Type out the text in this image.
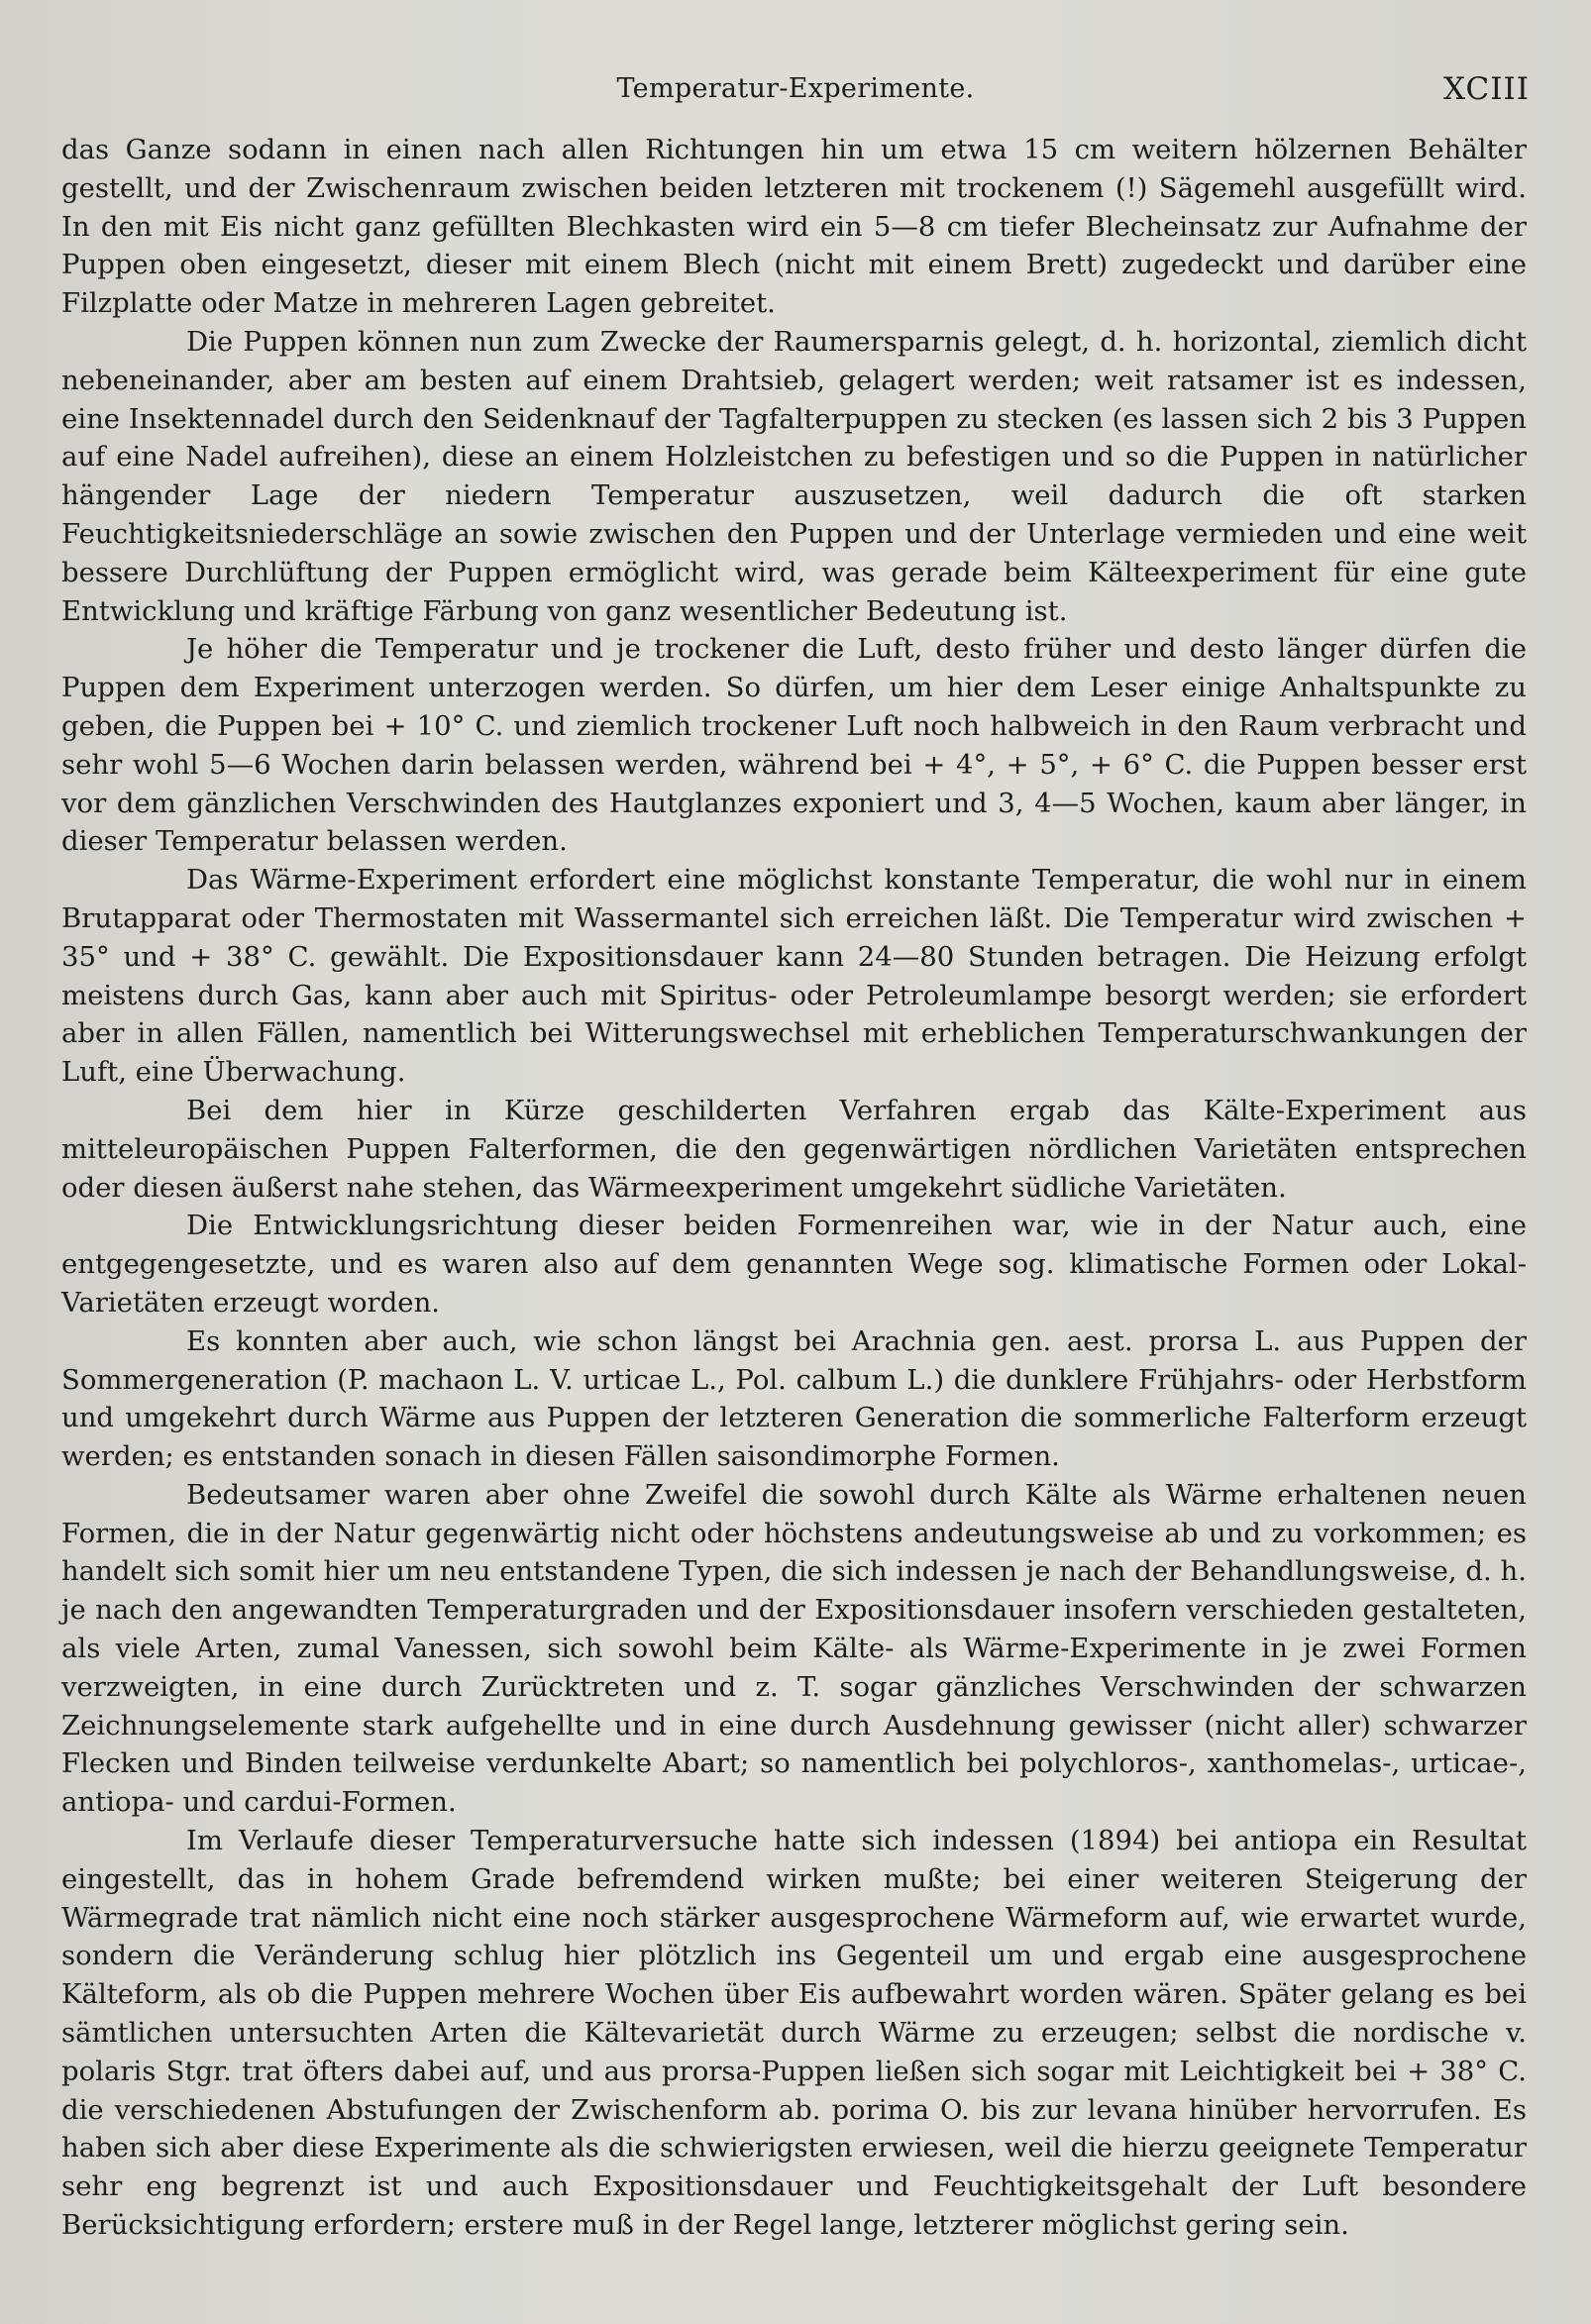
Temperatur-Experimente.	XCIII

das Ganze sodann in einen nach allen Richtungen hin um etwa 15 cm weitern hölzernen Behälter gestellt, und der Zwischenraum zwischen beiden letzteren mit trockenem (!) Sägemehl ausgefüllt wird. In den mit Eis nicht ganz gefüllten Blechkasten wird ein 5—8 cm tiefer Blecheinsatz zur Aufnahme der Puppen oben eingesetzt, dieser mit einem Blech (nicht mit einem Brett) zugedeckt und darüber eine Filzplatte oder Matze in mehreren Lagen gebreitet.

Die Puppen können nun zum Zwecke der Raumersparnis gelegt, d. h. horizontal, ziemlich dicht nebeneinander, aber am besten auf einem Drahtsieb, gelagert werden; weit ratsamer ist es indessen, eine Insektennadel durch den Seidenknauf der Tagfalterpuppen zu stecken (es lassen sich 2 bis 3 Puppen auf eine Nadel aufreihen), diese an einem Holzleistchen zu befestigen und so die Puppen in natürlicher hängender Lage der niedern Temperatur auszusetzen, weil dadurch die oft starken Feuchtigkeitsniederschläge an sowie zwischen den Puppen und der Unterlage vermieden und eine weit bessere Durchlüftung der Puppen ermöglicht wird, was gerade beim Kälteexperiment für eine gute Entwicklung und kräftige Färbung von ganz wesentlicher Bedeutung ist.

Je höher die Temperatur und je trockener die Luft, desto früher und desto länger dürfen die Puppen dem Experiment unterzogen werden. So dürfen, um hier dem Leser einige Anhaltspunkte zu geben, die Puppen bei + 10° C. und ziemlich trockener Luft noch halbweich in den Raum verbracht und sehr wohl 5—6 Wochen darin belassen werden, während bei + 4°, + 5°, + 6° C. die Puppen besser erst vor dem gänzlichen Verschwinden des Hautglanzes exponiert und 3, 4—5 Wochen, kaum aber länger, in dieser Temperatur belassen werden.

Das Wärme-Experiment erfordert eine möglichst konstante Temperatur, die wohl nur in einem Brutapparat oder Thermostaten mit Wassermantel sich erreichen läßt. Die Temperatur wird zwischen + 35° und + 38° C. gewählt. Die Expositionsdauer kann 24—80 Stunden betragen. Die Heizung erfolgt meistens durch Gas, kann aber auch mit Spiritus- oder Petroleumlampe besorgt werden; sie erfordert aber in allen Fällen, namentlich bei Witterungswechsel mit erheblichen Temperaturschwankungen der Luft, eine Überwachung.

Bei dem hier in Kürze geschilderten Verfahren ergab das Kälte-Experiment aus mitteleuropäischen Puppen Falterformen, die den gegenwärtigen nördlichen Varietäten entsprechen oder diesen äußerst nahe stehen, das Wärmeexperiment umgekehrt südliche Varietäten.

Die Entwicklungsrichtung dieser beiden Formenreihen war, wie in der Natur auch, eine entgegengesetzte, und es waren also auf dem genannten Wege sog. klimatische Formen oder Lokal-Varietäten erzeugt worden.

Es konnten aber auch, wie schon längst bei Arachnia gen. aest. prorsa L. aus Puppen der Sommergeneration (P. machaon L. V. urticae L., Pol. calbum L.) die dunklere Frühjahrs- oder Herbstform und umgekehrt durch Wärme aus Puppen der letzteren Generation die sommerliche Falterform erzeugt werden; es entstanden sonach in diesen Fällen saisondimorphe Formen.

Bedeutsamer waren aber ohne Zweifel die sowohl durch Kälte als Wärme erhaltenen neuen Formen, die in der Natur gegenwärtig nicht oder höchstens andeutungsweise ab und zu vorkommen; es handelt sich somit hier um neu entstandene Typen, die sich indessen je nach der Behandlungsweise, d. h. je nach den angewandten Temperaturgraden und der Expositionsdauer insofern verschieden gestalteten, als viele Arten, zumal Vanessen, sich sowohl beim Kälte- als Wärme-Experimente in je zwei Formen verzweigten, in eine durch Zurücktreten und z. T. sogar gänzliches Verschwinden der schwarzen Zeichnungselemente stark aufgehellte und in eine durch Ausdehnung gewisser (nicht aller) schwarzer Flecken und Binden teilweise verdunkelte Abart; so namentlich bei polychloros-, xanthomelas-, urticae-, antiopa- und cardui-Formen.

Im Verlaufe dieser Temperaturversuche hatte sich indessen (1894) bei antiopa ein Resultat eingestellt, das in hohem Grade befremdend wirken mußte; bei einer weiteren Steigerung der Wärmegrade trat nämlich nicht eine noch stärker ausgesprochene Wärmeform auf, wie erwartet wurde, sondern die Veränderung schlug hier plötzlich ins Gegenteil um und ergab eine ausgesprochene Kälteform, als ob die Puppen mehrere Wochen über Eis aufbewahrt worden wären. Später gelang es bei sämtlichen untersuchten Arten die Kältevarietät durch Wärme zu erzeugen; selbst die nordische v. polaris Stgr. trat öfters dabei auf, und aus prorsa-Puppen ließen sich sogar mit Leichtigkeit bei + 38° C. die verschiedenen Abstufungen der Zwischenform ab. porima O. bis zur levana hinüber hervorrufen. Es haben sich aber diese Experimente als die schwierigsten erwiesen, weil die hierzu geeignete Temperatur sehr eng begrenzt ist und auch Expositionsdauer und Feuchtigkeitsgehalt der Luft besondere Berücksichtigung erfordern; erstere muß in der Regel lange, letzterer möglichst gering sein.
